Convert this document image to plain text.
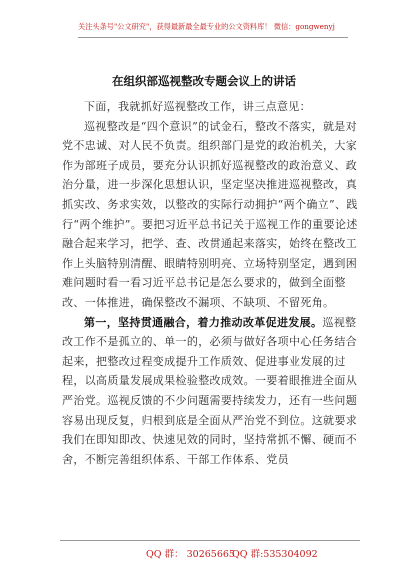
关注头条号"公文研究"，获得最新最全最专业的公文资料库！ 微信：gongwenyj
在组织部巡视整改专题会议上的讲话

下面，我就抓好巡视整改工作，讲三点意见：

巡视整改是“四个意识”的试金石，整改不落实，就是对党不忠诚、对人民不负责。组织部门是党的政治机关，大家作为部班子成员，要充分认识抓好巡视整改的政治意义、政治分量，进一步深化思想认识，坚定坚决推进巡视整改，真抓实改、务求实效，以整改的实际行动拥护“两个确立”、践行“两个维护”。要把习近平总书记关于巡视工作的重要论述融合起来学习，把学、查、改贯通起来落实，始终在整改工作上头脑特别清醒、眼睛特别明亮、立场特别坚定，遇到困难问题时看一看习近平总书记是怎么要求的，做到全面整改、一体推进，确保整改不漏项、不缺项、不留死角。

第一，坚持贯通融合，着力推动改革促进发展。巡视整改工作不是孤立的、单一的，必须与做好各项中心任务结合起来，把整改过程变成提升工作质效、促进事业发展的过程，以高质量发展成果检验整改成效。一要着眼推进全面从严治党。巡视反馈的不少问题需要持续发力，还有一些问题容易出现反复，归根到底是全面从严治党不到位。这就要求我们在即知即改、快速见效的同时，坚持常抓不懈、硬而不舍，不断完善组织体系、干部工作体系、党员

QQ 群： 30265665
QQ 群:535304092
